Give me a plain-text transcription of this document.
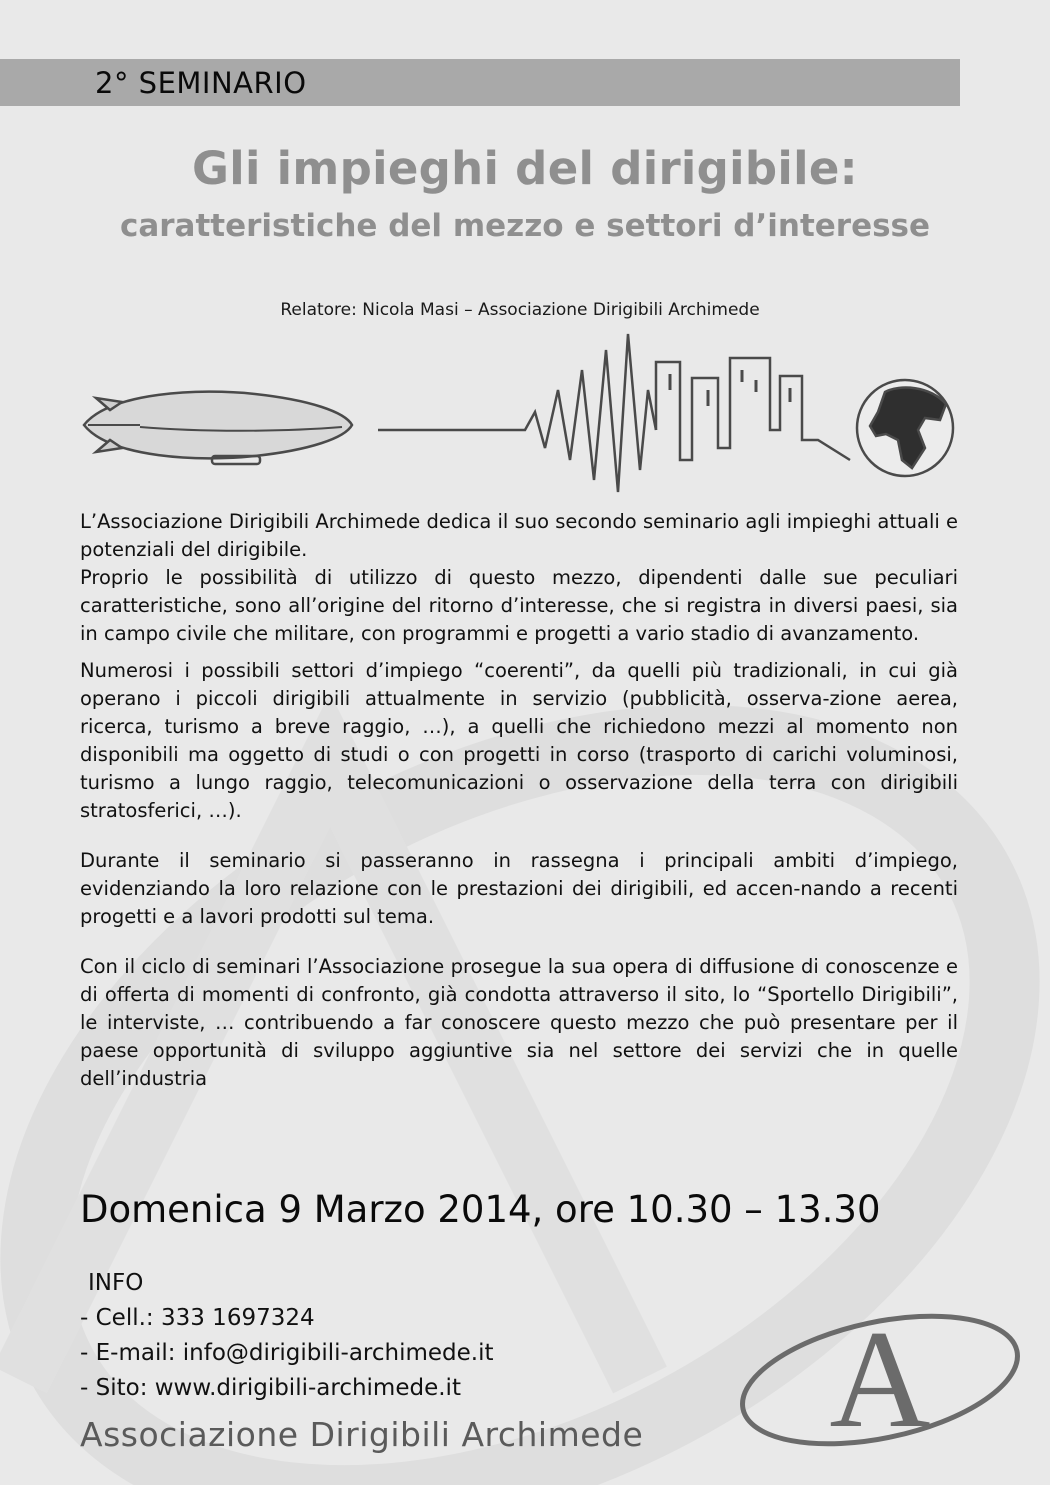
2° SEMINARIO
Gli impieghi del dirigibile:
caratteristiche del mezzo e settori d’interesse
Relatore: Nicola Masi – Associazione Dirigibili Archimede

L’Associazione Dirigibili Archimede dedica il suo secondo seminario agli impieghi attuali e potenziali del dirigibile.

Proprio le possibilità di utilizzo di questo mezzo, dipendenti dalle sue peculiari caratteristiche, sono all’origine del ritorno d’interesse, che si registra in diversi paesi, sia in campo civile che militare, con programmi e progetti a vario stadio di avanzamento.

Numerosi i possibili settori d’impiego “coerenti”, da quelli più tradizionali, in cui già operano i piccoli dirigibili attualmente in servizio (pubblicità, osserva-zione aerea, ricerca, turismo a breve raggio, …), a quelli che richiedono mezzi al momento non disponibili ma oggetto di studi o con progetti in corso (trasporto di carichi voluminosi, turismo a lungo raggio, telecomunicazioni o osservazione della terra con dirigibili stratosferici, …).

Durante il seminario si passeranno in rassegna i principali ambiti d’impiego, evidenziando la loro relazione con le prestazioni dei dirigibili, ed accen-nando a recenti progetti e a lavori prodotti sul tema.

Con il ciclo di seminari l’Associazione prosegue la sua opera di diffusione di conoscenze e di offerta di momenti di confronto, già condotta attraverso il sito, lo “Sportello Dirigibili”, le interviste, … contribuendo a far conoscere questo mezzo che può presentare per il paese opportunità di sviluppo aggiuntive sia nel settore dei servizi che in quelle dell’industria

Domenica 9 Marzo 2014, ore 10.30 – 13.30
INFO
- Cell.: 333 1697324
- E-mail: info@dirigibili-archimede.it
- Sito: www.dirigibili-archimede.it	A
Associazione Dirigibili Archimede
